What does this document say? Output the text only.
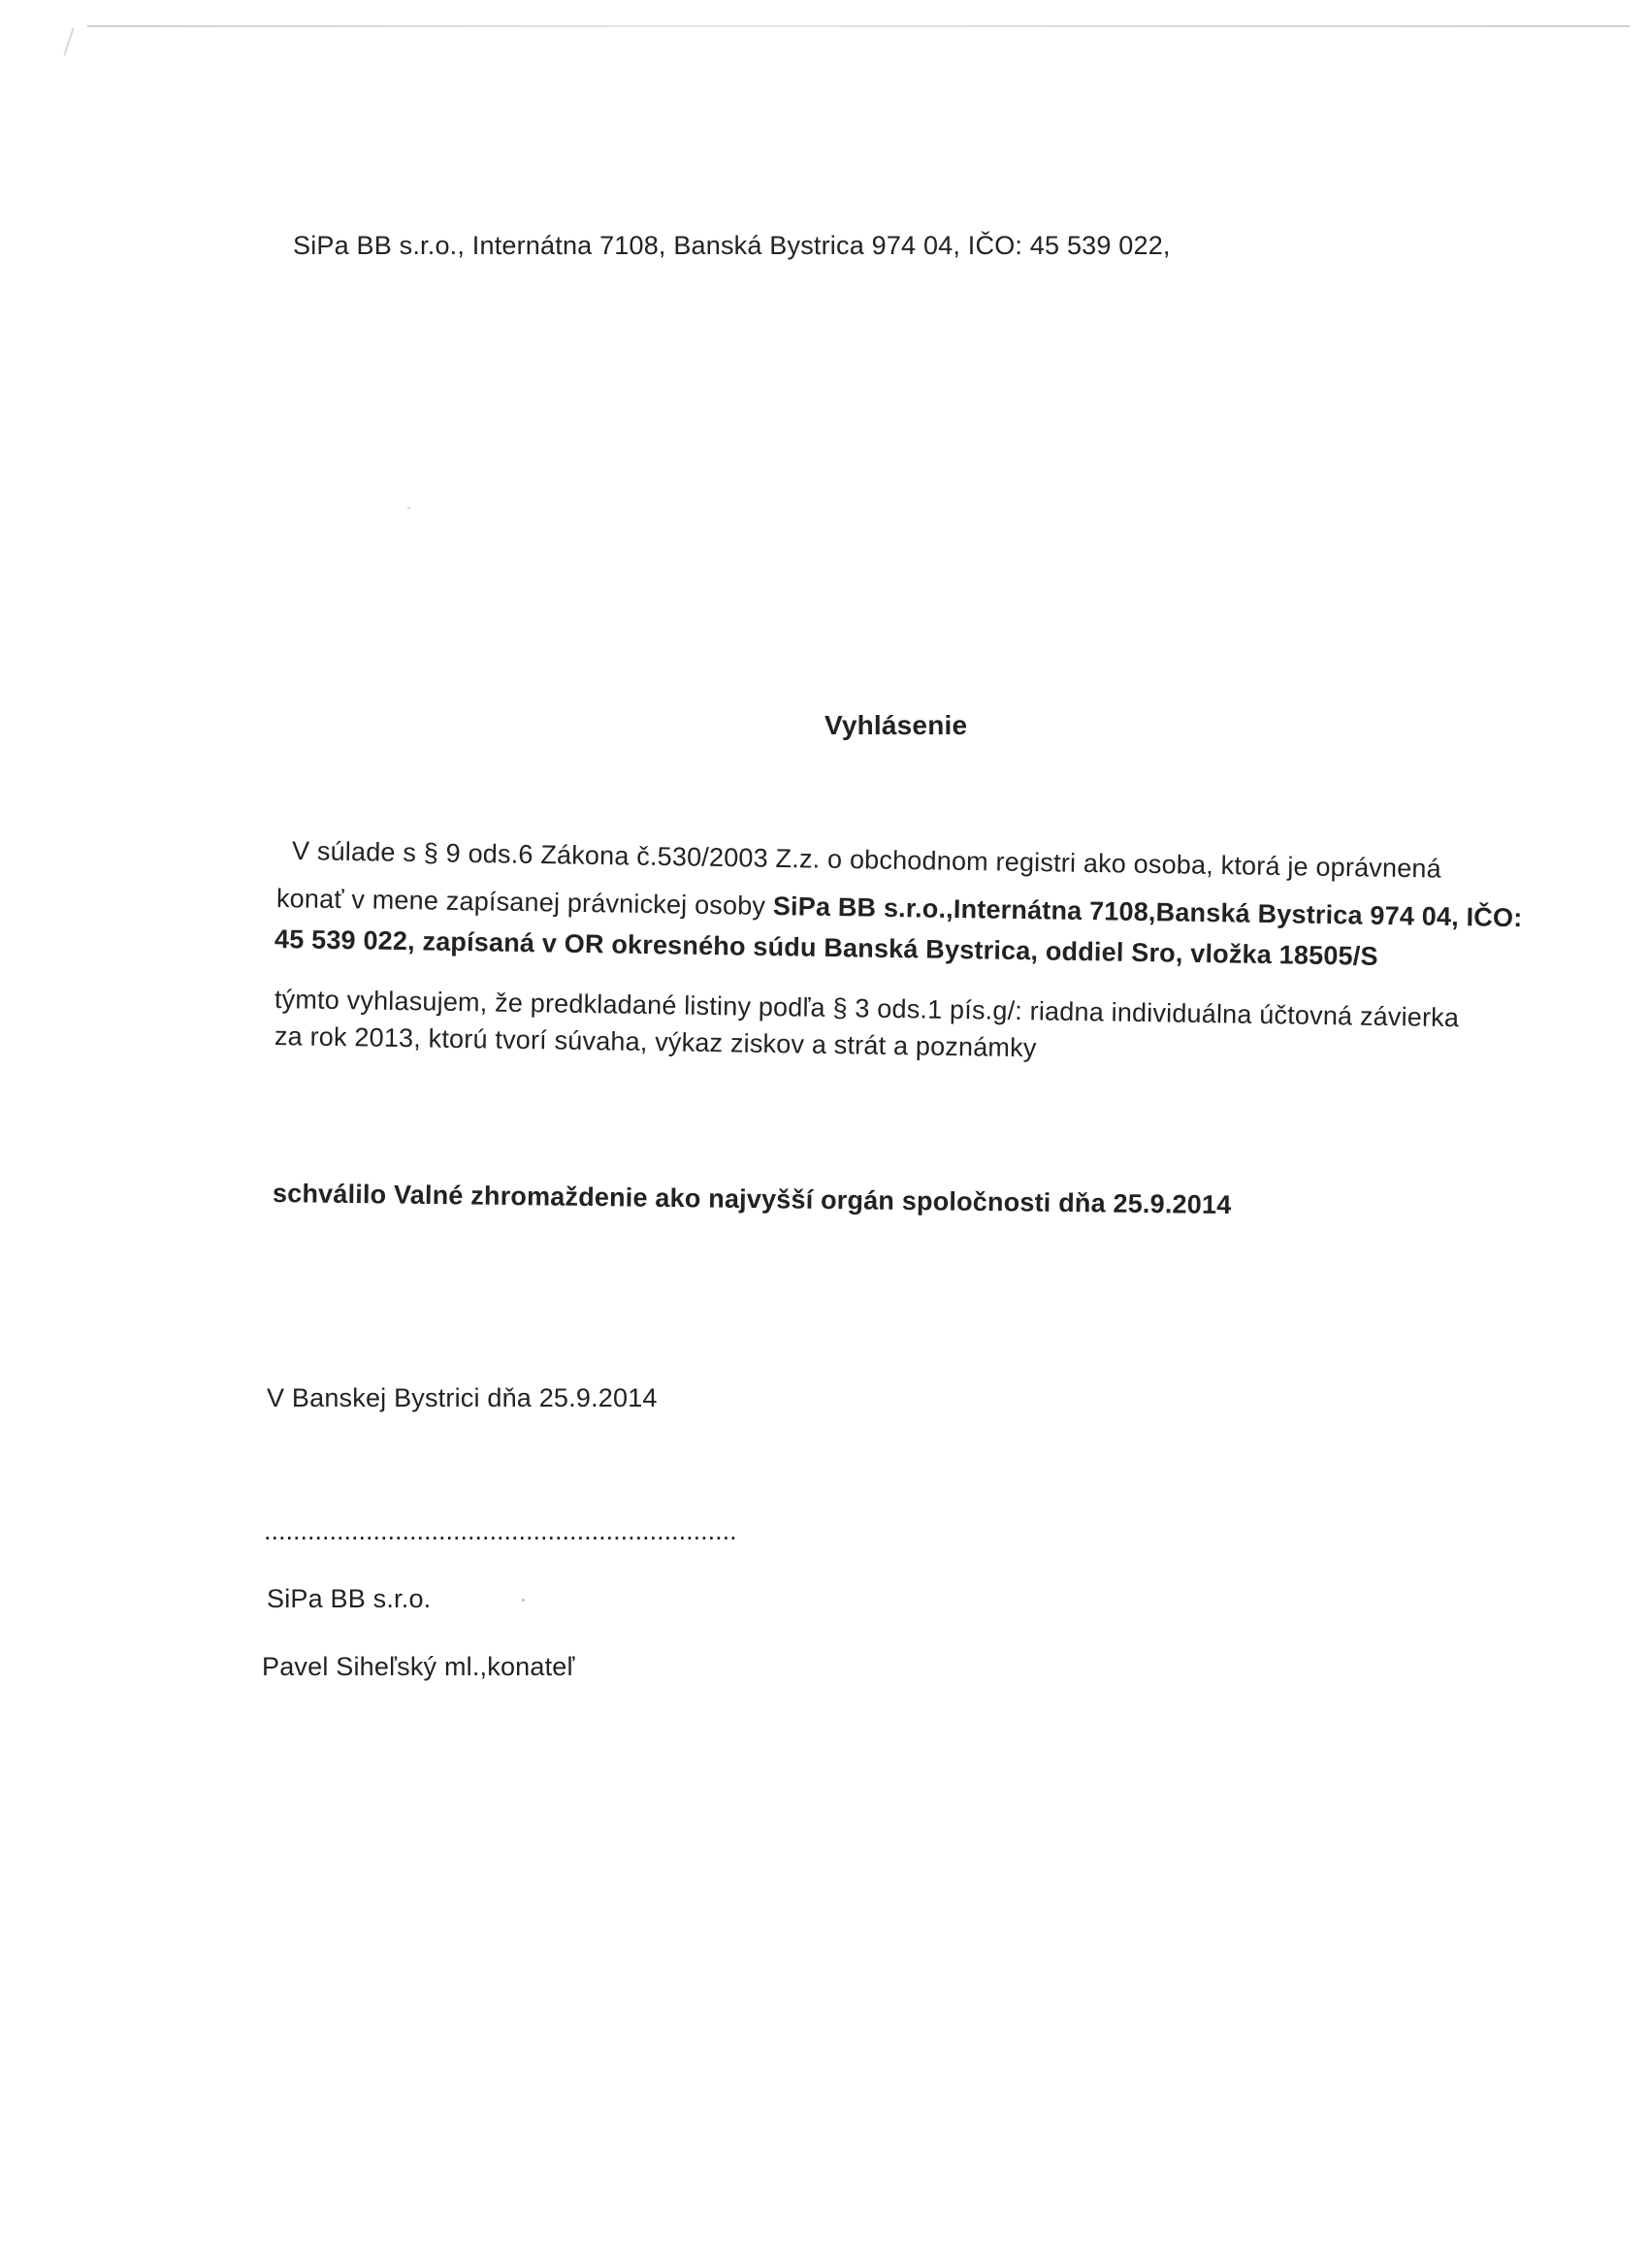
SiPa BB s.r.o., Internátna 7108, Banská Bystrica 974 04, IČO: 45 539 022,
Vyhlásenie
V súlade s § 9 ods.6 Zákona č.530/2003 Z.z. o obchodnom registri ako osoba, ktorá je oprávnená
konať v mene zapísanej právnickej osoby SiPa BB s.r.o.,Internátna 7108,Banská Bystrica 974 04, IČO:
45 539 022, zapísaná v OR okresného súdu Banská Bystrica, oddiel Sro, vložka 18505/S
týmto vyhlasujem, že predkladané listiny podľa § 3 ods.1 pís.g/: riadna individuálna účtovná závierka
za rok 2013, ktorú tvorí súvaha, výkaz ziskov a strát a poznámky
schválilo Valné zhromaždenie ako najvyšší orgán spoločnosti dňa 25.9.2014
V Banskej Bystrici dňa 25.9.2014
.................................................................
SiPa BB s.r.o.
Pavel Siheľský ml.,konateľ
